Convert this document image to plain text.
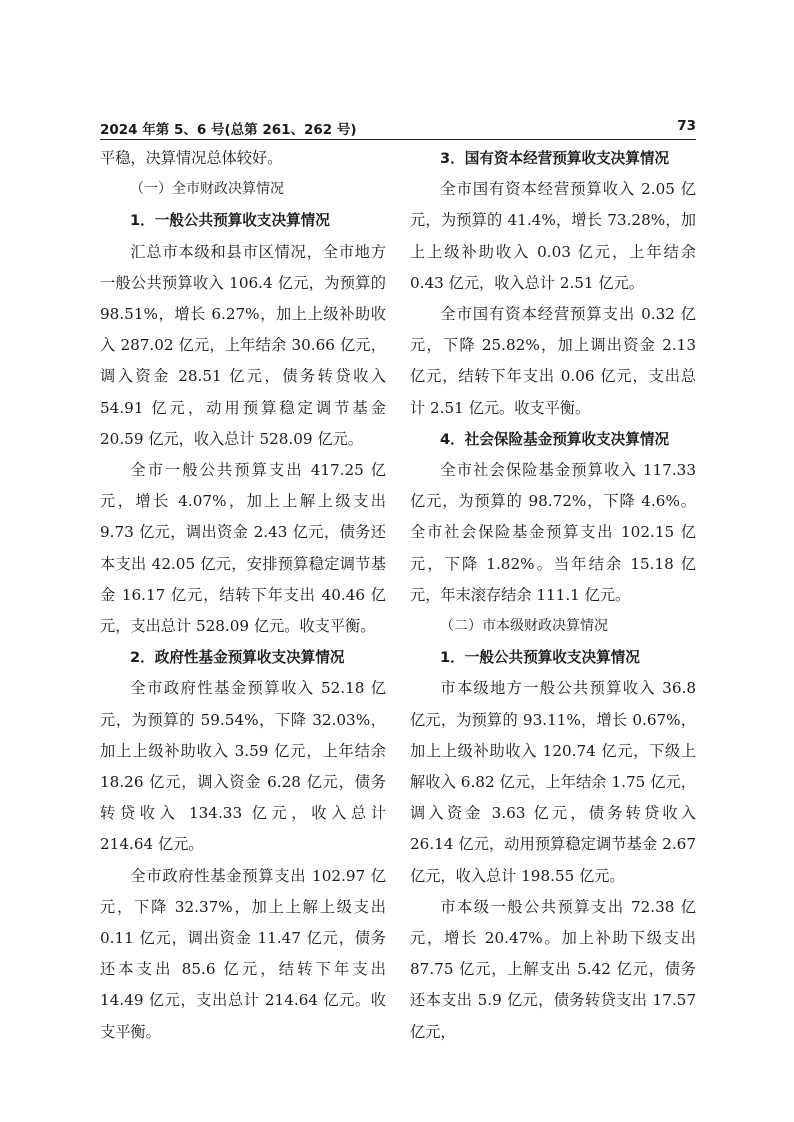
2024 年第 5、6 号(总第 261、262 号)	73

平稳，决算情况总体较好。

（一）全市财政决算情况
1．一般公共预算收支决算情况

汇总市本级和县市区情况，全市地方一般公共预算收入 106.4 亿元，为预算的 98.51%，增长 6.27%，加上上级补助收入 287.02 亿元，上年结余 30.66 亿元，调入资金 28.51 亿元，债务转贷收入 54.91 亿元，动用预算稳定调节基金 20.59 亿元，收入总计 528.09 亿元。

全市一般公共预算支出 417.25 亿元，增长 4.07%，加上上解上级支出 9.73 亿元，调出资金 2.43 亿元，债务还本支出 42.05 亿元，安排预算稳定调节基金 16.17 亿元，结转下年支出 40.46 亿元，支出总计 528.09 亿元。收支平衡。

2．政府性基金预算收支决算情况

全市政府性基金预算收入 52.18 亿元，为预算的 59.54%，下降 32.03%，加上上级补助收入 3.59 亿元，上年结余 18.26 亿元，调入资金 6.28 亿元，债务转贷收入 134.33 亿元，收入总计 214.64 亿元。

全市政府性基金预算支出 102.97 亿元，下降 32.37%，加上上解上级支出 0.11 亿元，调出资金 11.47 亿元，债务还本支出 85.6 亿元，结转下年支出 14.49 亿元，支出总计 214.64 亿元。收支平衡。

3．国有资本经营预算收支决算情况

全市国有资本经营预算收入 2.05 亿元，为预算的 41.4%，增长 73.28%，加上上级补助收入 0.03 亿元，上年结余 0.43 亿元，收入总计 2.51 亿元。

全市国有资本经营预算支出 0.32 亿元，下降 25.82%，加上调出资金 2.13 亿元，结转下年支出 0.06 亿元，支出总计 2.51 亿元。收支平衡。

4．社会保险基金预算收支决算情况

全市社会保险基金预算收入 117.33 亿元，为预算的 98.72%，下降 4.6%。全市社会保险基金预算支出 102.15 亿元，下降 1.82%。当年结余 15.18 亿元，年末滚存结余 111.1 亿元。

（二）市本级财政决算情况
1．一般公共预算收支决算情况

市本级地方一般公共预算收入 36.8 亿元，为预算的 93.11%，增长 0.67%，加上上级补助收入 120.74 亿元，下级上解收入 6.82 亿元，上年结余 1.75 亿元，调入资金 3.63 亿元，债务转贷收入 26.14 亿元，动用预算稳定调节基金 2.67 亿元，收入总计 198.55 亿元。

市本级一般公共预算支出 72.38 亿元，增长 20.47%。加上补助下级支出 87.75 亿元，上解支出 5.42 亿元，债务还本支出 5.9 亿元，债务转贷支出 17.57 亿元，
